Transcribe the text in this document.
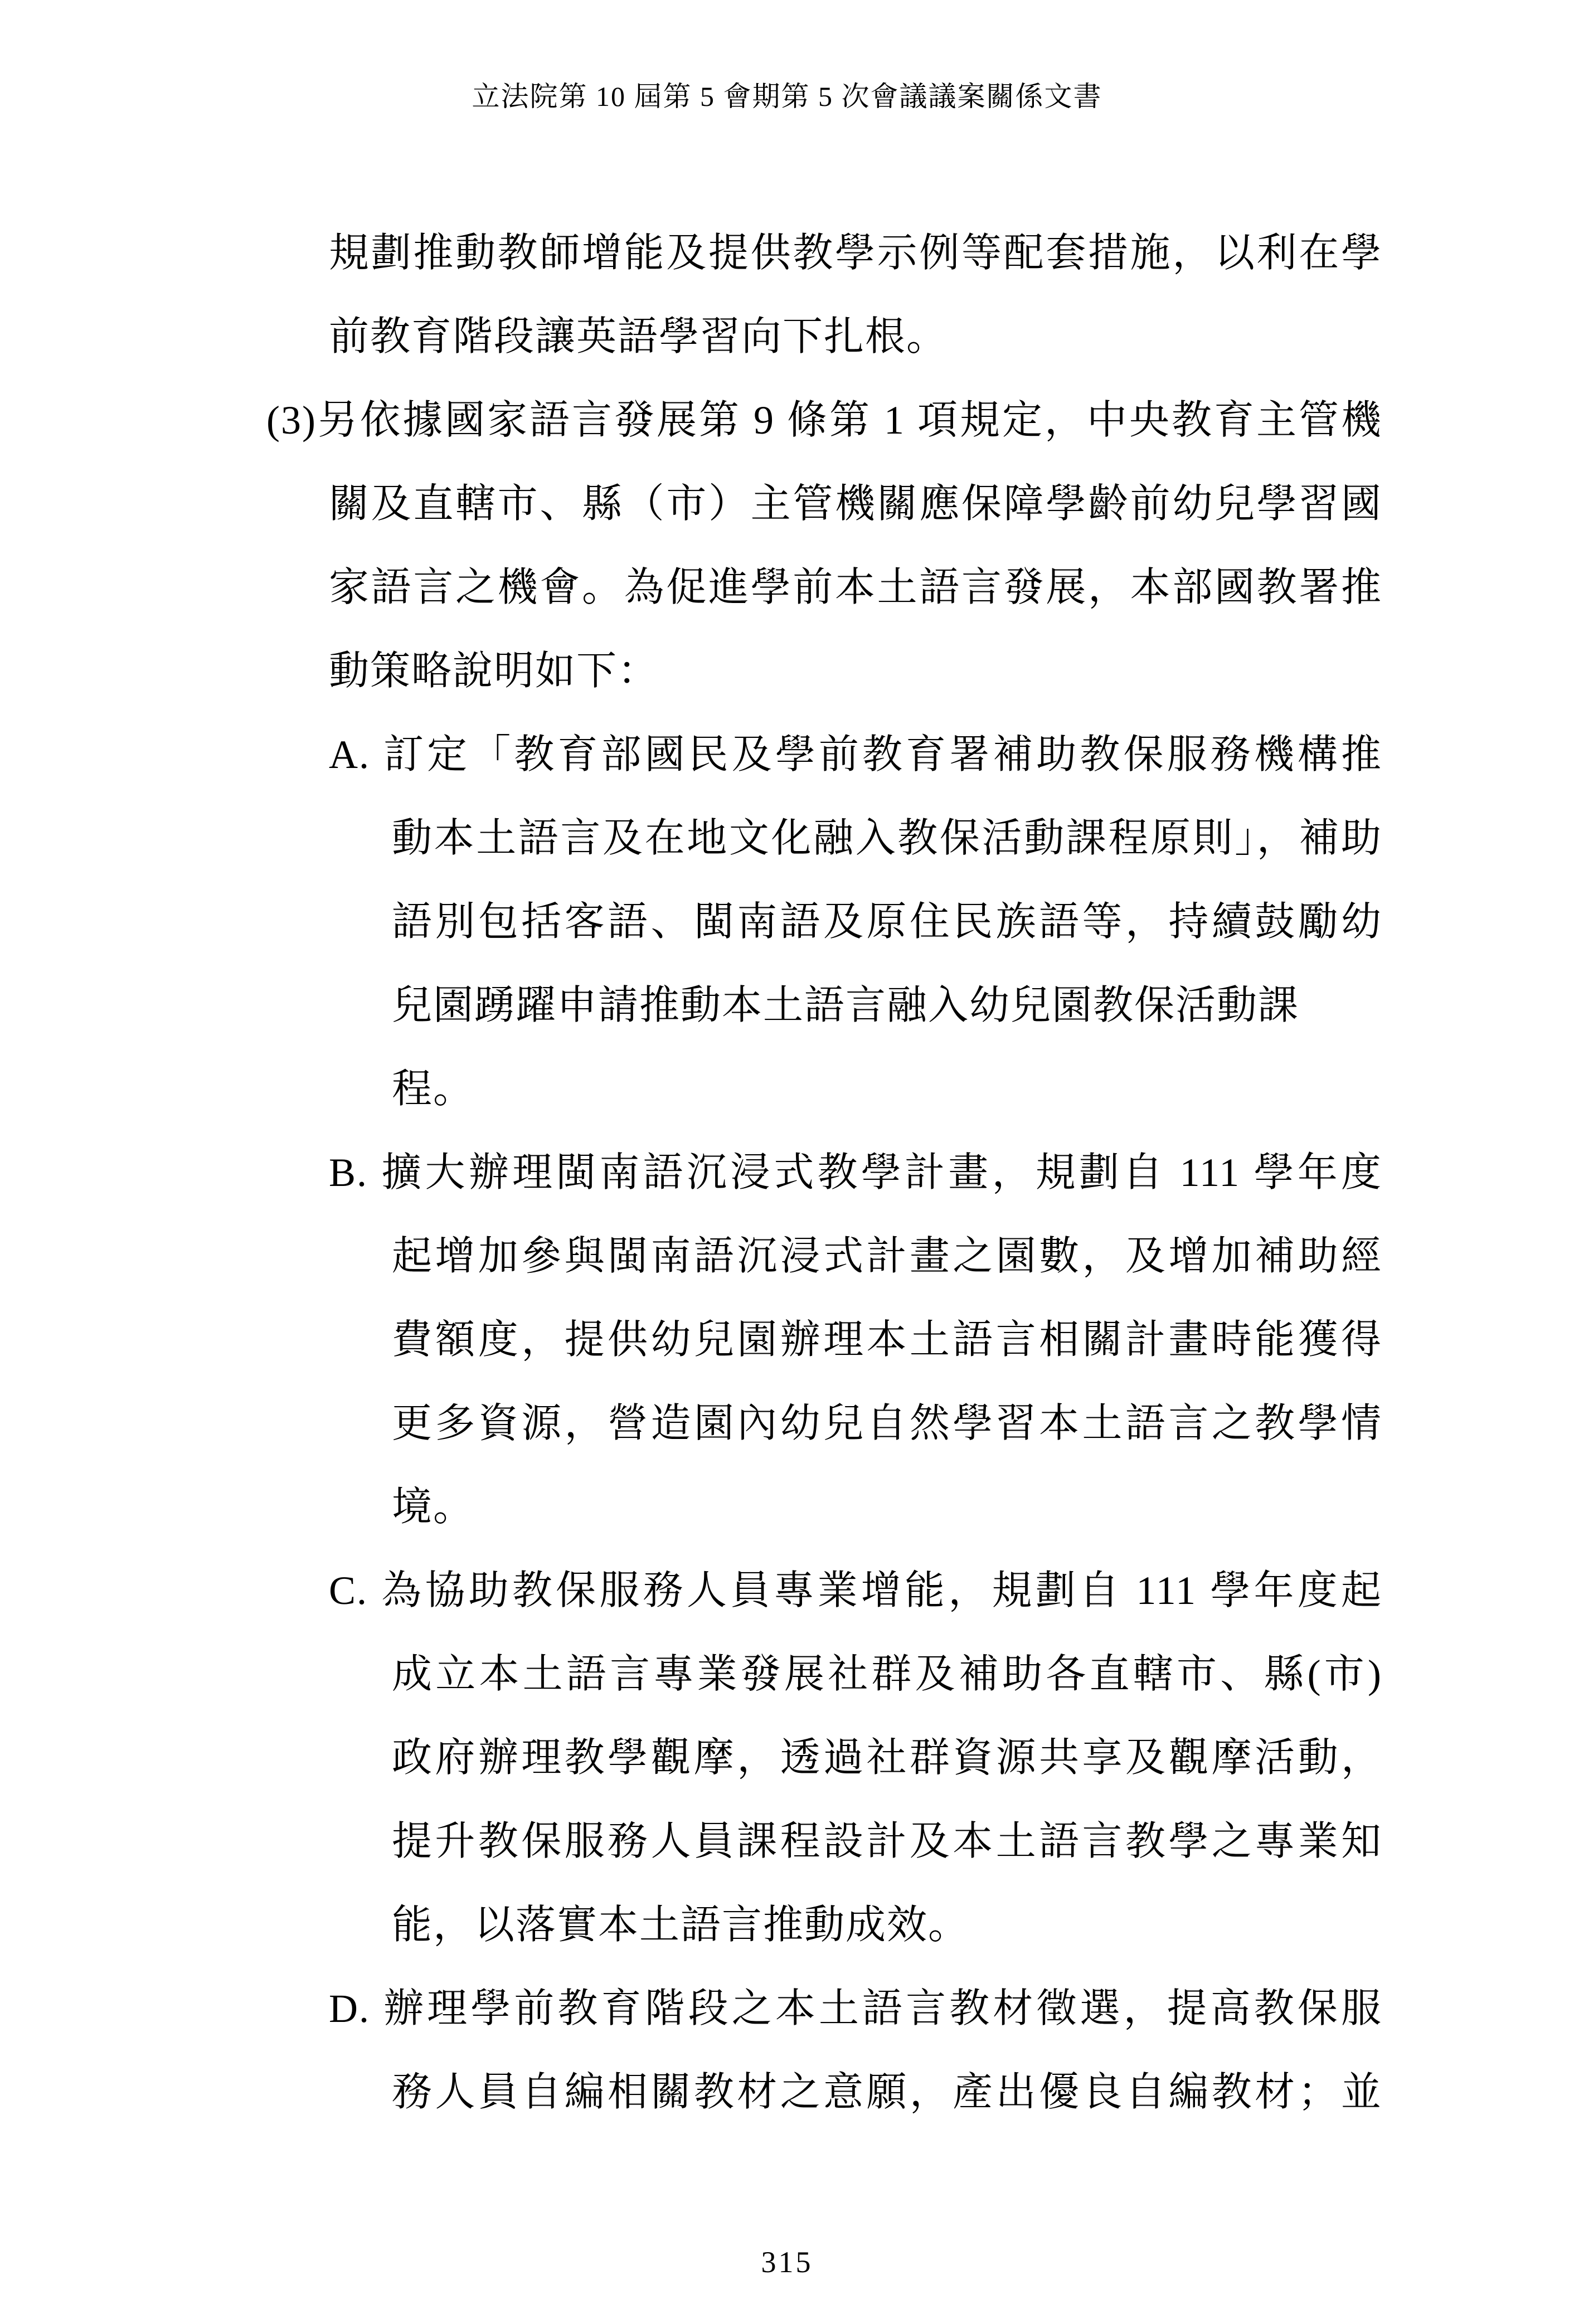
立法院第 10 屆第 5 會期第 5 次會議議案關係文書
規劃推動教師增能及提供教學示例等配套措施，以利在學
前教育階段讓英語學習向下扎根。
(3)另依據國家語言發展第 9 條第 1 項規定，中央教育主管機
關及直轄市、縣（市）主管機關應保障學齡前幼兒學習國
家語言之機會。為促進學前本土語言發展，本部國教署推
動策略說明如下：
A. 訂定「教育部國民及學前教育署補助教保服務機構推
動本土語言及在地文化融入教保活動課程原則」，補助
語別包括客語、閩南語及原住民族語等，持續鼓勵幼
兒園踴躍申請推動本土語言融入幼兒園教保活動課
程。
B. 擴大辦理閩南語沉浸式教學計畫，規劃自 111 學年度
起增加參與閩南語沉浸式計畫之園數，及增加補助經
費額度，提供幼兒園辦理本土語言相關計畫時能獲得
更多資源，營造園內幼兒自然學習本土語言之教學情
境。
C. 為協助教保服務人員專業增能，規劃自 111 學年度起
成立本土語言專業發展社群及補助各直轄市、縣(市)
政府辦理教學觀摩，透過社群資源共享及觀摩活動，
提升教保服務人員課程設計及本土語言教學之專業知
能，以落實本土語言推動成效。
D. 辦理學前教育階段之本土語言教材徵選，提高教保服
務人員自編相關教材之意願，產出優良自編教材；並
315
